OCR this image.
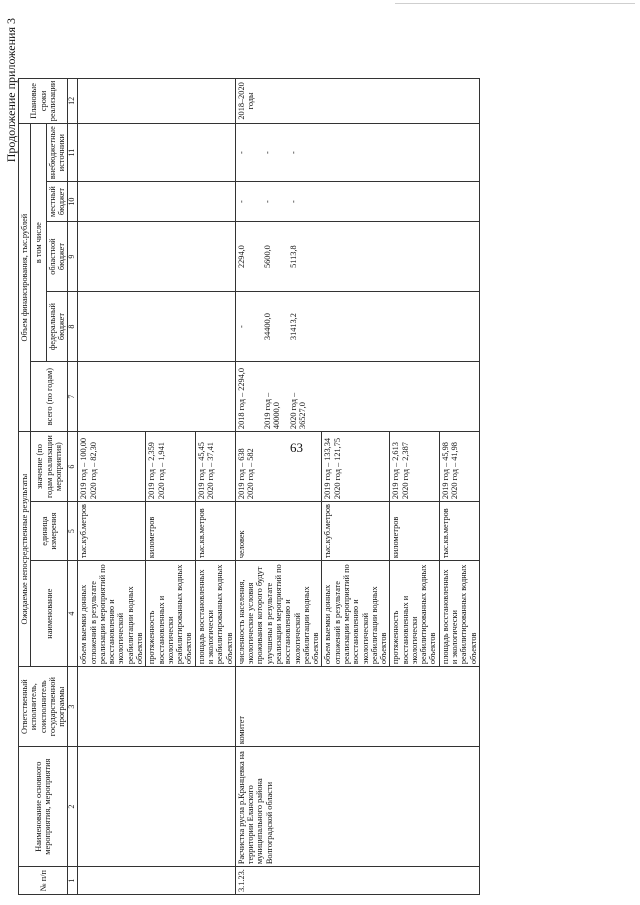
63
Продолжение приложения 3
№ п/п	Наименование основного мероприятия, мероприятия	Ответственный исполнитель, соисполнитель государственной программы	Ожидаемые непосредственные результаты			Объем финансирования, тыс.рублей					Плановые сроки реализации
			наименование	единица измерения	значение (по годам реализации мероприятия)	всего (по годам)	в том числе				
							федеральный бюджет	областной бюджет	местный бюджет	внебюджетные источники	
1	2	3	4	5	6	7	8	9	10	11	12
			объем выемки донных отложений в результате реализации мероприятий по восстановлению и экологической реабилитации водных объектов	тыс.куб.метров	2019 год – 100,00 2020 год – 82,30						

			протяженность восстановленных и экологически реабилитированных водных объектов	километров	2019 год – 2,359 2020 год – 1,941						

			площадь восстановленных и экологически реабилитированных водных объектов	тыс.кв.метров	2019 год – 45,45 2020 год – 37,41						

3.1.23.	Расчистка русла р.Кранцевка на территории Еланского муниципального района Волгоградской области	комитет	численность населения, экологические условия проживания которого будут улучшены в результате реализации мероприятий по восстановлению и экологической реабилитации водных объектов	человек	2019 год – 638 2020 год – 582	2018 год – 2294,0 2019 год – 40000,0 2020 год – 36527,0	- 34400,0 31413,2	2294,0 5600,0 5113,8	- - -	- - -	2018–2020 годы
			объем выемки донных отложений в результате реализации мероприятий по восстановлению и экологической реабилитации водных объектов	тыс.куб.метров	2019 год – 133,34 2020 год – 121,75						

			протяженность восстановленных и экологически реабилитированных водных объектов	километров	2019 год – 2,613 2020 год – 2,387						

			площадь восстановленных и экологически реабилитированных водных объектов	тыс.кв.метров	2019 год – 45,98 2020 год – 41,98						
